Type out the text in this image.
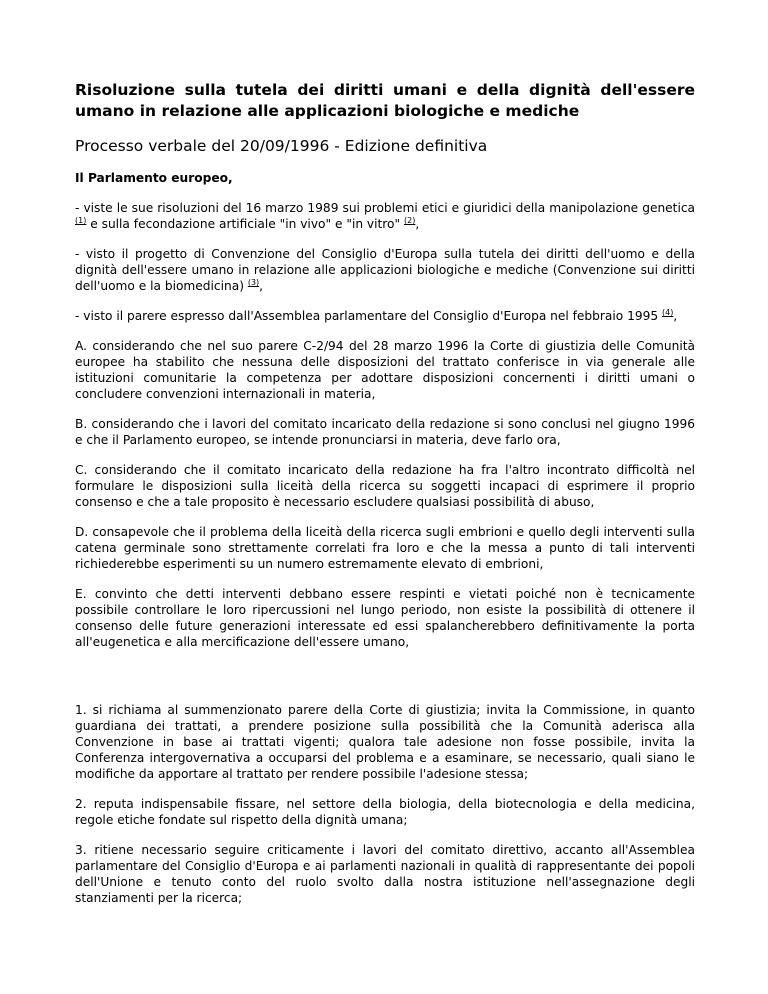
Risoluzione sulla tutela dei diritti umani e della dignità dell'essere umano in relazione alle applicazioni biologiche e mediche
Processo verbale del 20/09/1996 - Edizione definitiva
Il Parlamento europeo,

- viste le sue risoluzioni del 16 marzo 1989 sui problemi etici e giuridici della manipolazione genetica $^{(1)}$ e sulla fecondazione artificiale "in vivo" e "in vitro" $^{(2)}$,

- visto il progetto di Convenzione del Consiglio d'Europa sulla tutela dei diritti dell'uomo e della dignità dell'essere umano in relazione alle applicazioni biologiche e mediche (Convenzione sui diritti dell'uomo e la biomedicina) $^{(3)}$,

- visto il parere espresso dall'Assemblea parlamentare del Consiglio d'Europa nel febbraio 1995 $^{(4)}$,

A. considerando che nel suo parere C-2/94 del 28 marzo 1996 la Corte di giustizia delle Comunità europee ha stabilito che nessuna delle disposizioni del trattato conferisce in via generale alle istituzioni comunitarie la competenza per adottare disposizioni concernenti i diritti umani o concludere convenzioni internazionali in materia,

B. considerando che i lavori del comitato incaricato della redazione si sono conclusi nel giugno 1996 e che il Parlamento europeo, se intende pronunciarsi in materia, deve farlo ora,

C. considerando che il comitato incaricato della redazione ha fra l'altro incontrato difficoltà nel formulare le disposizioni sulla liceità della ricerca su soggetti incapaci di esprimere il proprio consenso e che a tale proposito è necessario escludere qualsiasi possibilità di abuso,

D. consapevole che il problema della liceità della ricerca sugli embrioni e quello degli interventi sulla catena germinale sono strettamente correlati fra loro e che la messa a punto di tali interventi richiederebbe esperimenti su un numero estremamente elevato di embrioni,

E. convinto che detti interventi debbano essere respinti e vietati poiché non è tecnicamente possibile controllare le loro ripercussioni nel lungo periodo, non esiste la possibilità di ottenere il consenso delle future generazioni interessate ed essi spalancherebbero definitivamente la porta all'eugenetica e alla mercificazione dell'essere umano,

1. si richiama al summenzionato parere della Corte di giustizia; invita la Commissione, in quanto guardiana dei trattati, a prendere posizione sulla possibilità che la Comunità aderisca alla Convenzione in base ai trattati vigenti; qualora tale adesione non fosse possibile, invita la Conferenza intergovernativa a occuparsi del problema e a esaminare, se necessario, quali siano le modifiche da apportare al trattato per rendere possibile l'adesione stessa;

2. reputa indispensabile fissare, nel settore della biologia, della biotecnologia e della medicina, regole etiche fondate sul rispetto della dignità umana;

3. ritiene necessario seguire criticamente i lavori del comitato direttivo, accanto all'Assemblea parlamentare del Consiglio d'Europa e ai parlamenti nazionali in qualità di rappresentante dei popoli dell'Unione e tenuto conto del ruolo svolto dalla nostra istituzione nell'assegnazione degli stanziamenti per la ricerca;
